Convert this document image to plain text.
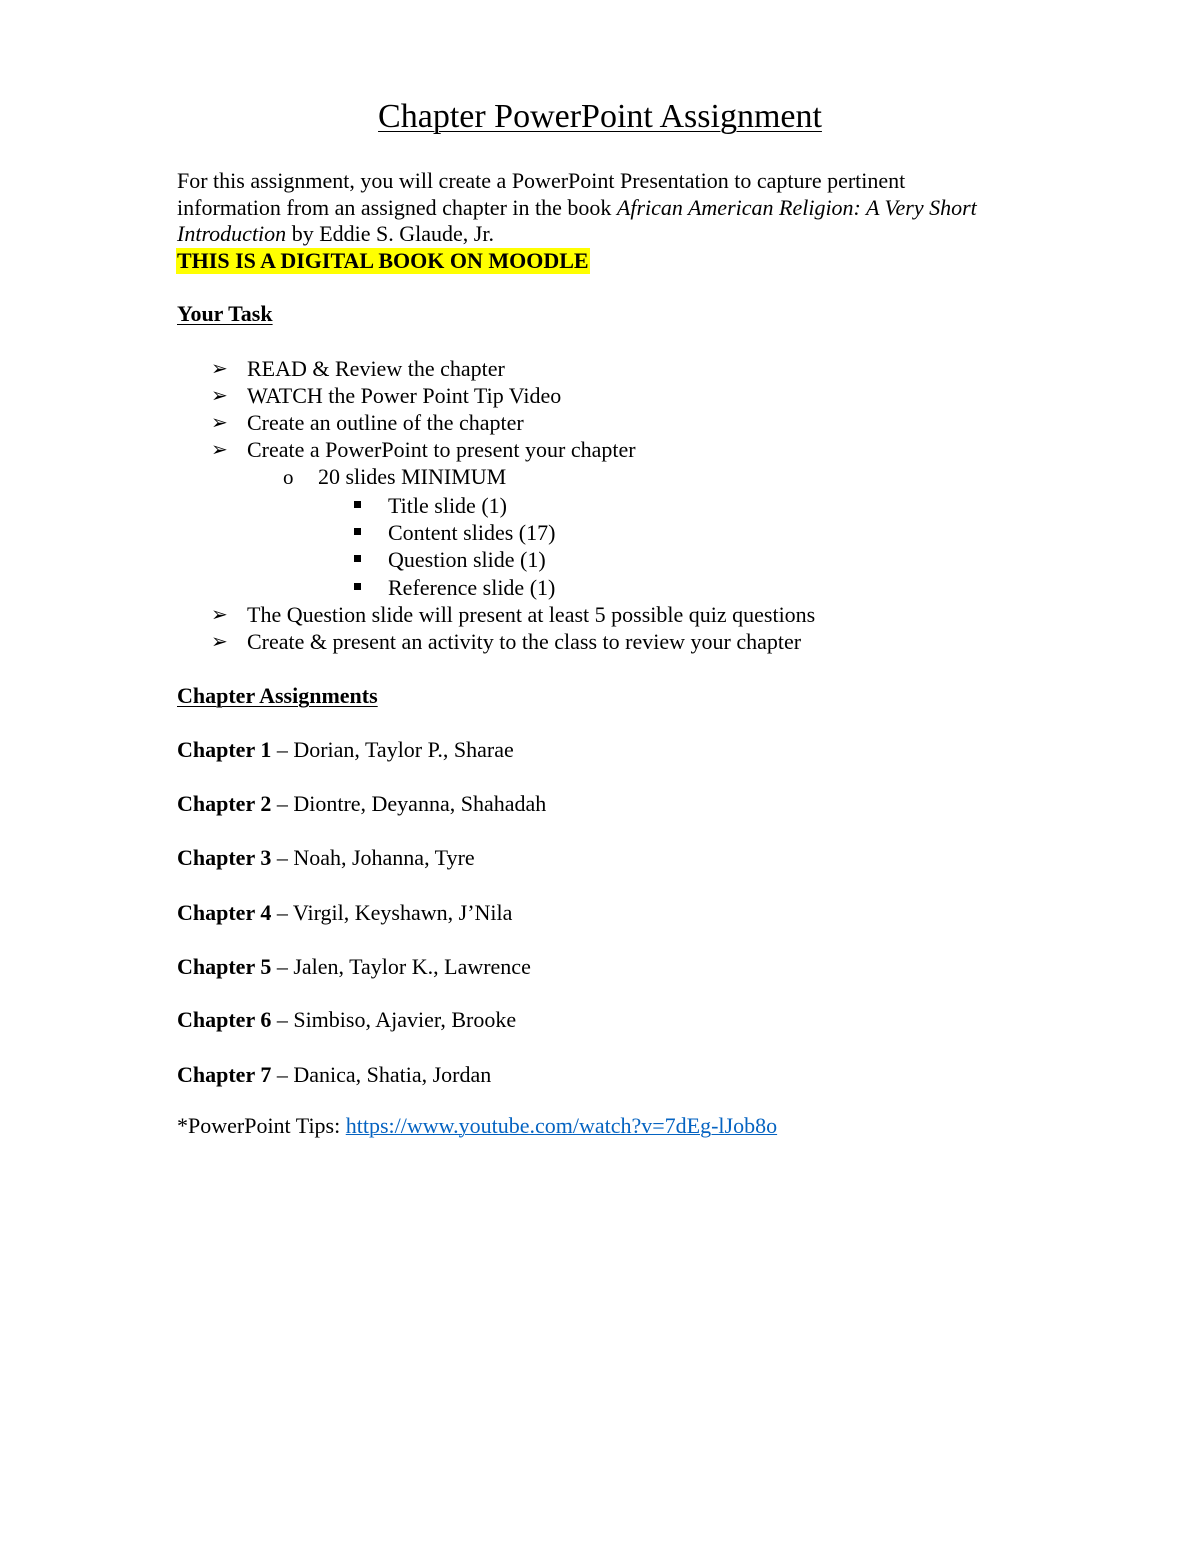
Chapter PowerPoint Assignment
For this assignment, you will create a PowerPoint Presentation to capture pertinent information from an assigned chapter in the book African American Religion: A Very Short Introduction by Eddie S. Glaude, Jr.
THIS IS A DIGITAL BOOK ON MOODLE
Your Task
➢ READ & Review the chapter
➢ WATCH the Power Point Tip Video
➢ Create an outline of the chapter
➢ Create a PowerPoint to present your chapter
o 20 slides MINIMUM
Title slide (1)
Content slides (17)
Question slide (1)
Reference slide (1)
➢ The Question slide will present at least 5 possible quiz questions
➢ Create & present an activity to the class to review your chapter
Chapter Assignments
Chapter 1 – Dorian, Taylor P., Sharae
Chapter 2 – Diontre, Deyanna, Shahadah
Chapter 3 – Noah, Johanna, Tyre
Chapter 4 – Virgil, Keyshawn, J’Nila
Chapter 5 – Jalen, Taylor K., Lawrence
Chapter 6 – Simbiso, Ajavier, Brooke
Chapter 7 – Danica, Shatia, Jordan
*PowerPoint Tips: https://www.youtube.com/watch?v=7dEg-lJob8o
